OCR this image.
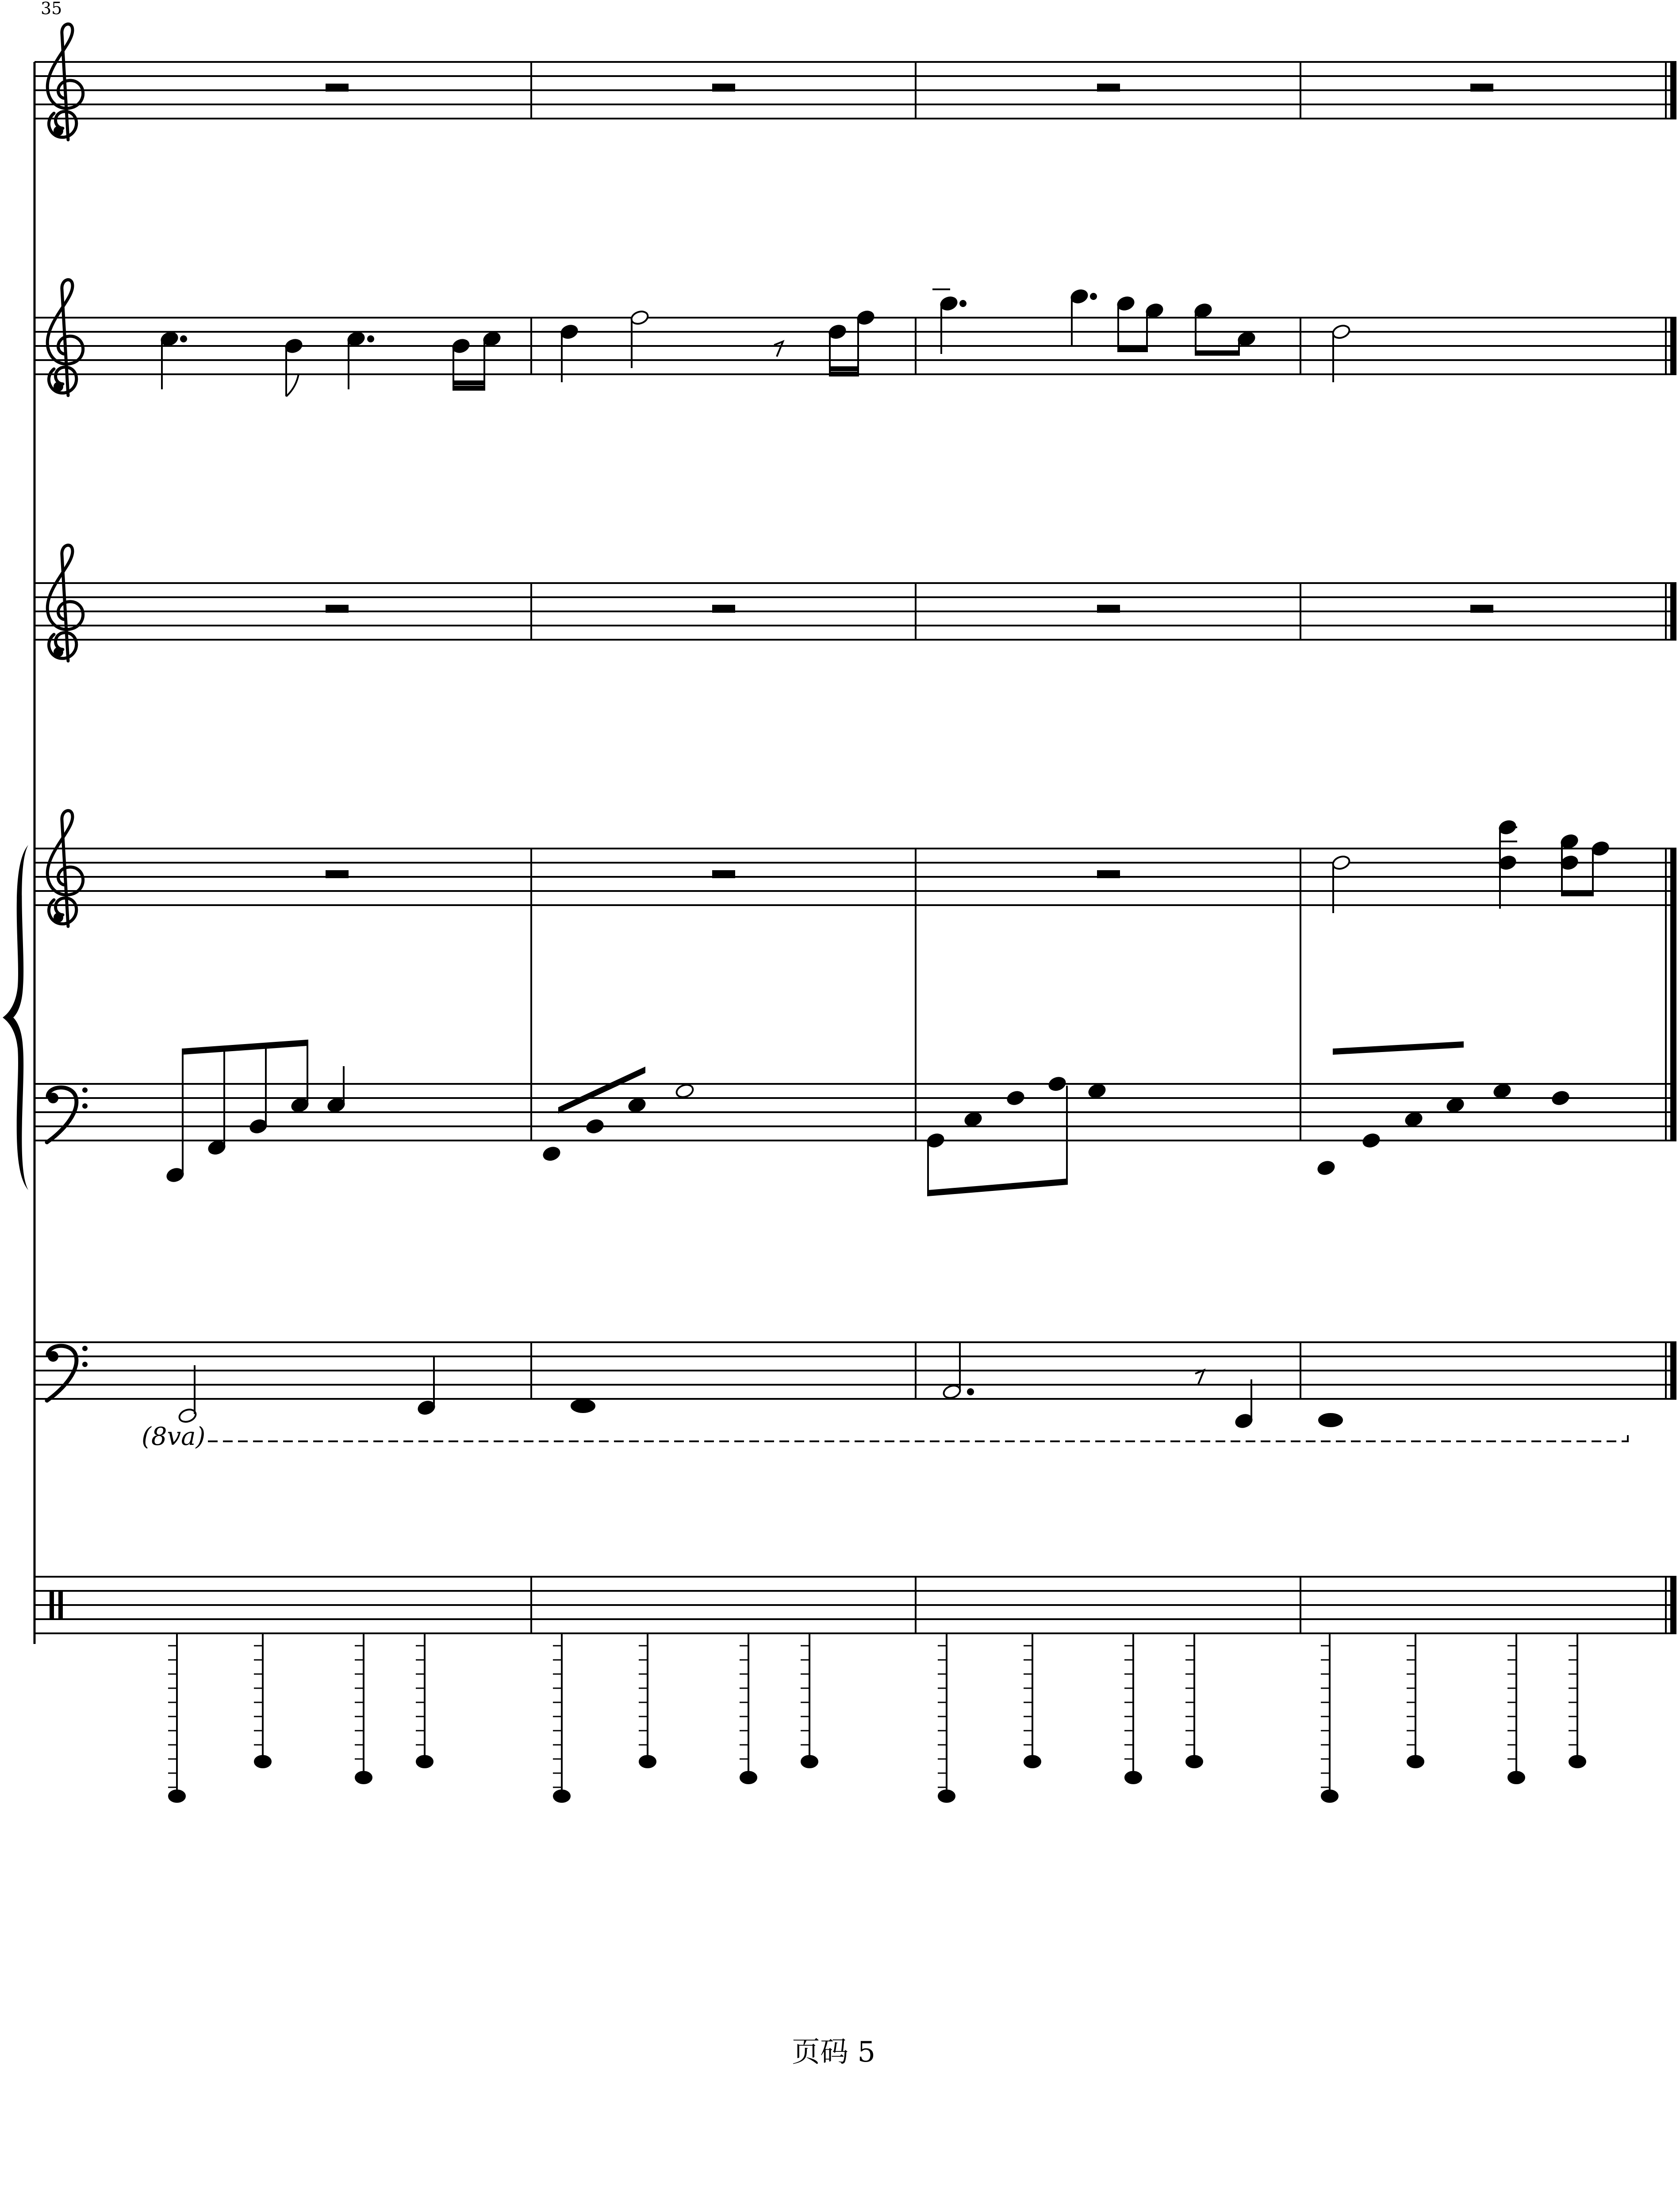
35
(8va)
页码 5
